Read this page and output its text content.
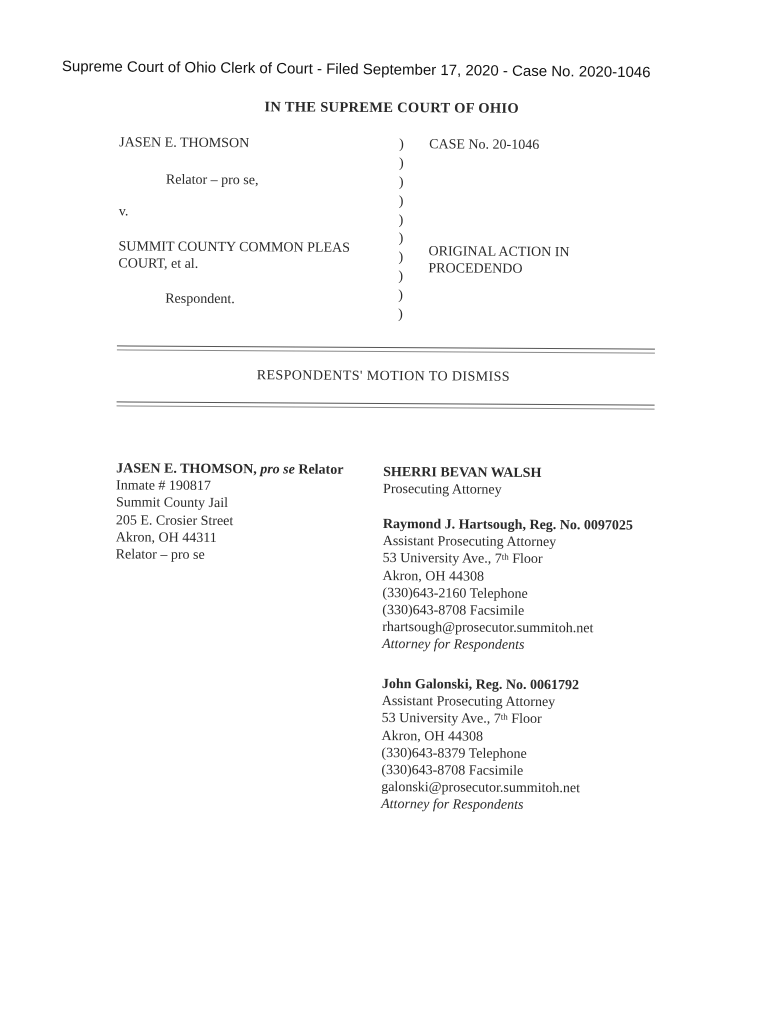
Supreme Court of Ohio Clerk of Court - Filed September 17, 2020 - Case No. 2020-1046
IN THE SUPREME COURT OF OHIO
JASEN E. THOMSON
Relator – pro se,
v.
SUMMIT COUNTY COMMON PLEAS
COURT, et al.
Respondent.
)
)
)
)
)
)
)
)
)
)
CASE No. 20-1046
ORIGINAL ACTION IN
PROCEDENDO
RESPONDENTS' MOTION TO DISMISS
JASEN E. THOMSON, pro se Relator
Inmate # 190817
Summit County Jail
205 E. Crosier Street
Akron, OH 44311
Relator – pro se
SHERRI BEVAN WALSH
Prosecuting Attorney
Raymond J. Hartsough, Reg. No. 0097025
Assistant Prosecuting Attorney
53 University Ave., 7th Floor
Akron, OH 44308
(330)643-2160 Telephone
(330)643-8708 Facsimile
rhartsough@prosecutor.summitoh.net
Attorney for Respondents
John Galonski, Reg. No. 0061792
Assistant Prosecuting Attorney
53 University Ave., 7th Floor
Akron, OH 44308
(330)643-8379 Telephone
(330)643-8708 Facsimile
galonski@prosecutor.summitoh.net
Attorney for Respondents
